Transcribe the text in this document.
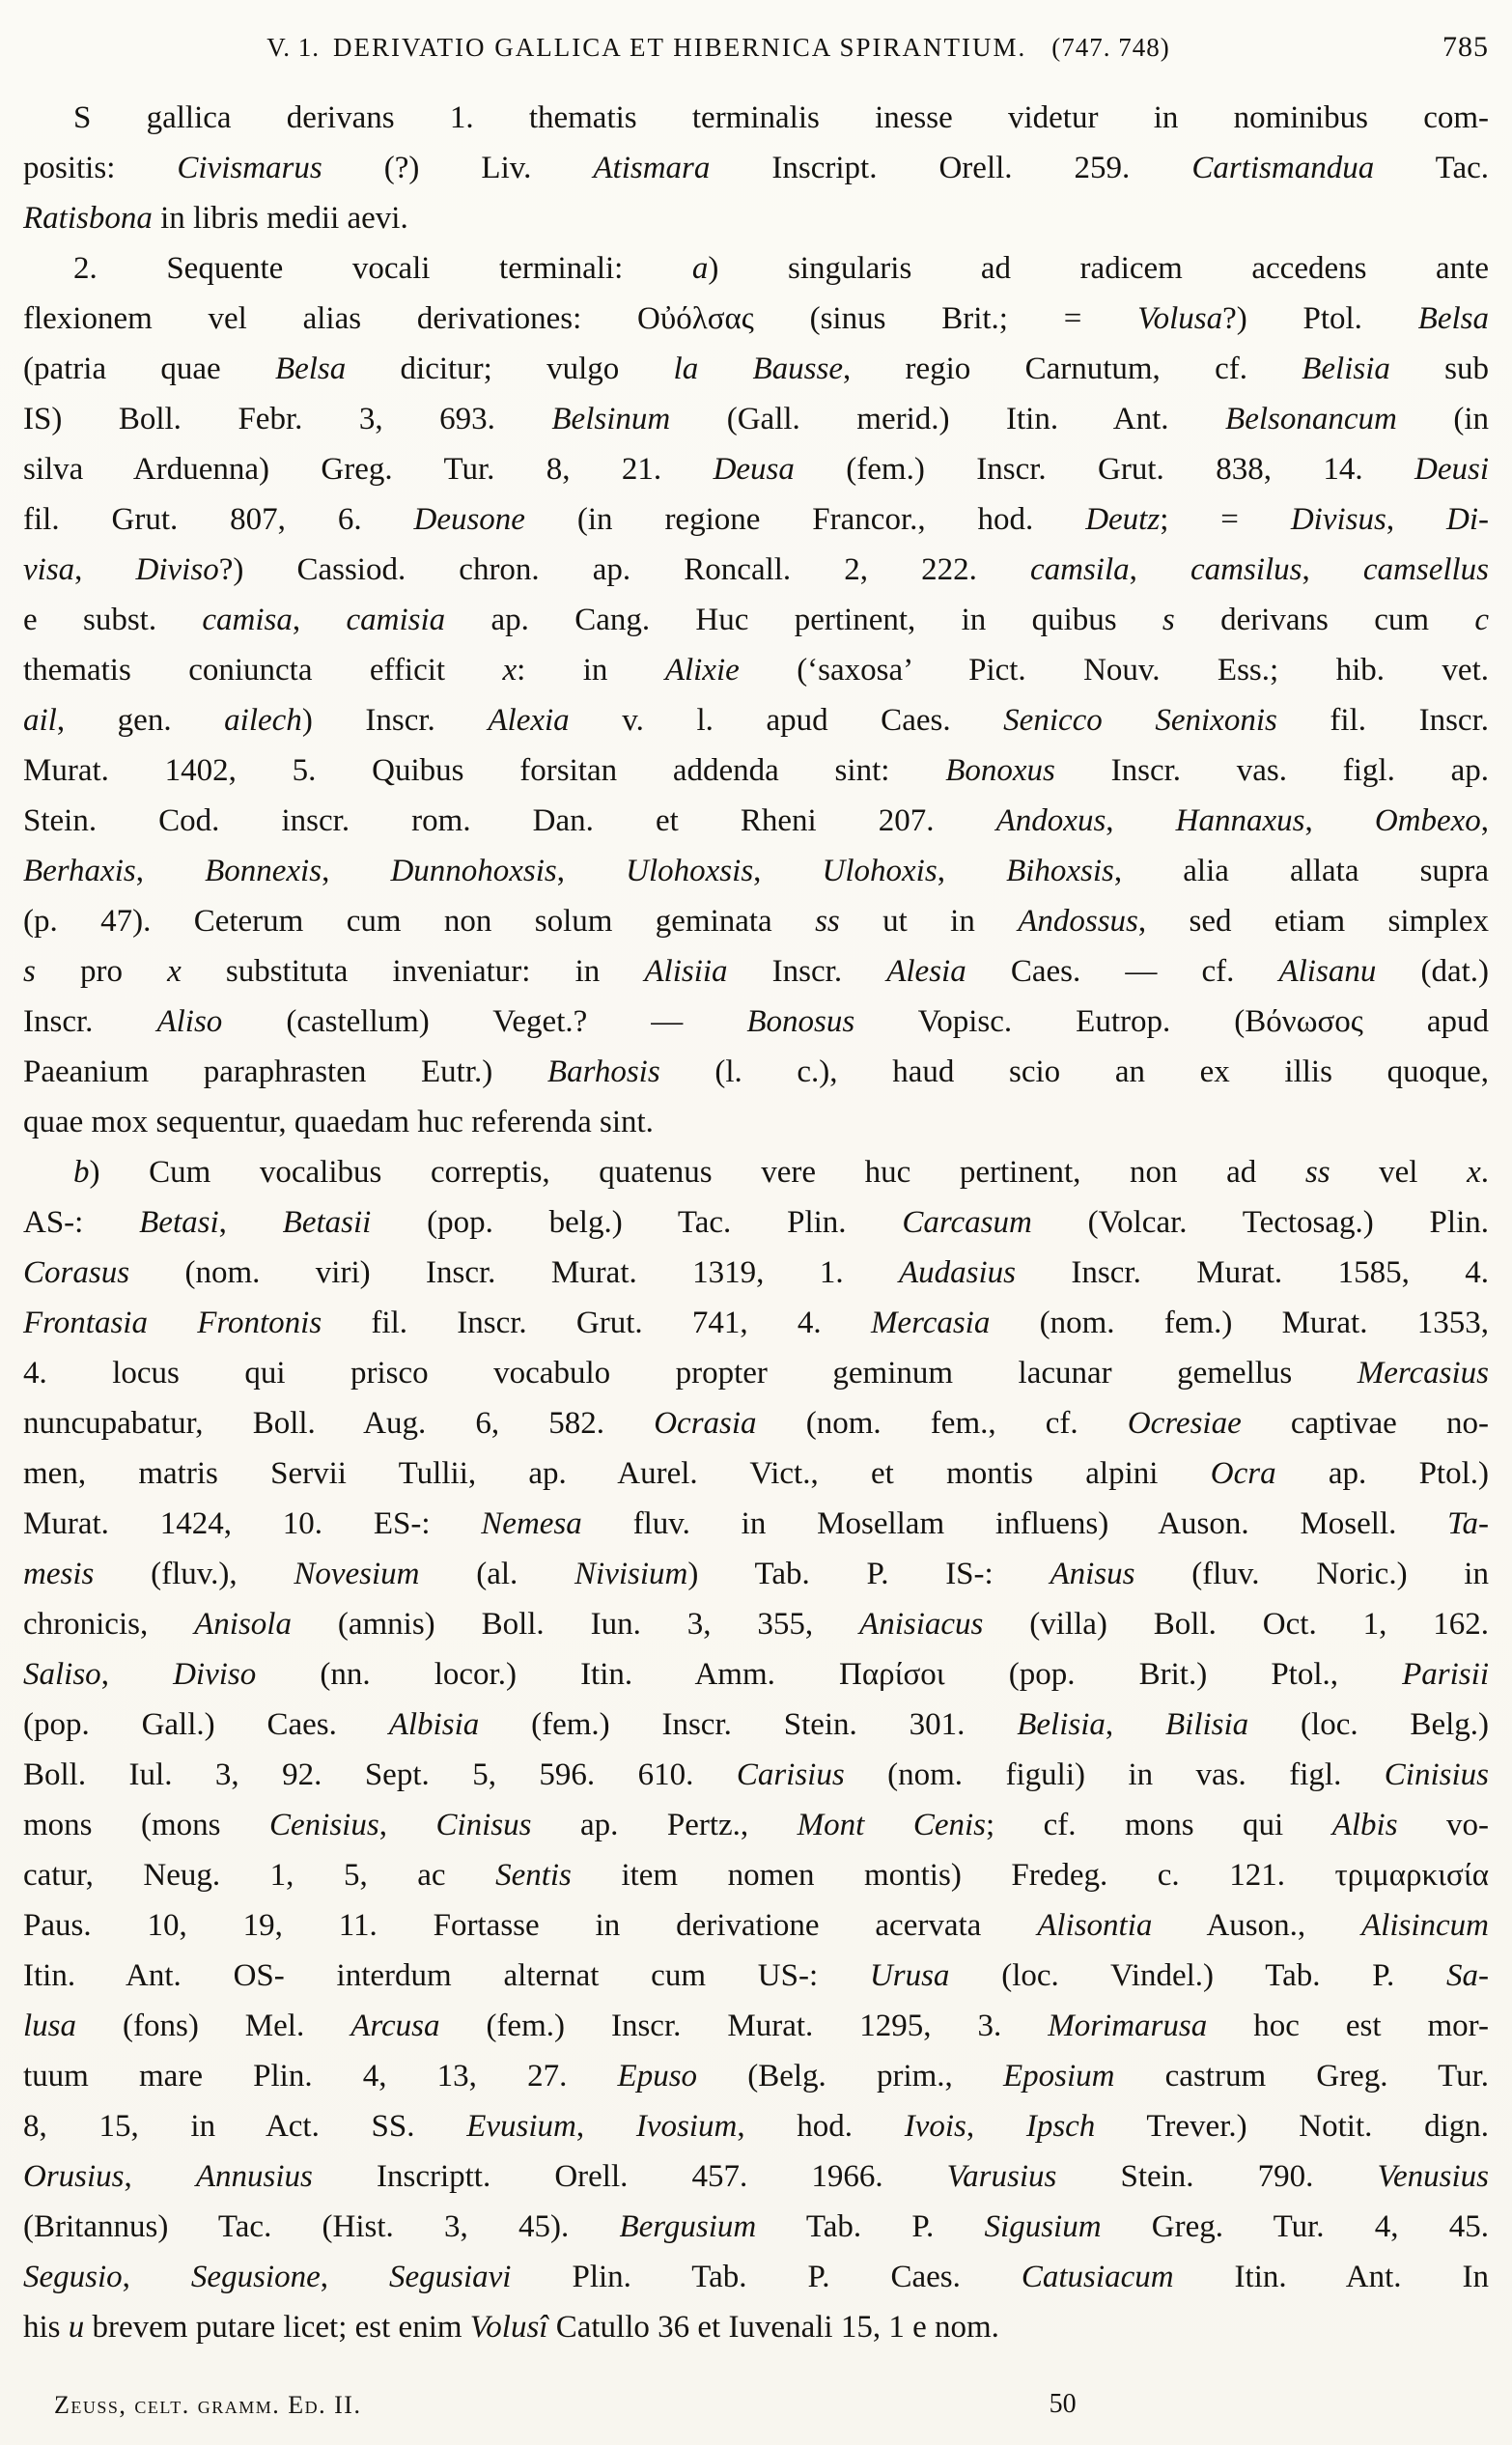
V. 1. DERIVATIO GALLICA ET HIBERNICA SPIRANTIUM. (747. 748)	785
S gallica derivans 1. thematis terminalis inesse videtur in nominibus com-
positis: Civismarus (?) Liv. Atismara Inscript. Orell. 259. Cartismandua Tac.
Ratisbona in libris medii aevi.
2. Sequente vocali terminali: a) singularis ad radicem accedens ante
flexionem vel alias derivationes: Οὐόλσας (sinus Brit.; = Volusa?) Ptol. Belsa
(patria quae Belsa dicitur; vulgo la Bausse, regio Carnutum, cf. Belisia sub
IS) Boll. Febr. 3, 693. Belsinum (Gall. merid.) Itin. Ant. Belsonancum (in
silva Arduenna) Greg. Tur. 8, 21. Deusa (fem.) Inscr. Grut. 838, 14. Deusi
fil. Grut. 807, 6. Deusone (in regione Francor., hod. Deutz; = Divisus, Di-
visa, Diviso?) Cassiod. chron. ap. Roncall. 2, 222. camsila, camsilus, camsellus
e subst. camisa, camisia ap. Cang. Huc pertinent, in quibus s derivans cum c
thematis coniuncta efficit x: in Alixie (‘saxosa’ Pict. Nouv. Ess.; hib. vet.
ail, gen. ailech) Inscr. Alexia v. l. apud Caes. Senicco Senixonis fil. Inscr.
Murat. 1402, 5. Quibus forsitan addenda sint: Bonoxus Inscr. vas. figl. ap.
Stein. Cod. inscr. rom. Dan. et Rheni 207. Andoxus, Hannaxus, Ombexo,
Berhaxis, Bonnexis, Dunnohoxsis, Ulohoxsis, Ulohoxis, Bihoxsis, alia allata supra
(p. 47). Ceterum cum non solum geminata ss ut in Andossus, sed etiam simplex
s pro x substituta inveniatur: in Alisiia Inscr. Alesia Caes. — cf. Alisanu (dat.)
Inscr. Aliso (castellum) Veget.? — Bonosus Vopisc. Eutrop. (Βόνωσος apud
Paeanium paraphrasten Eutr.) Barhosis (l. c.), haud scio an ex illis quoque,
quae mox sequentur, quaedam huc referenda sint.
b) Cum vocalibus correptis, quatenus vere huc pertinent, non ad ss vel x.
AS-: Betasi, Betasii (pop. belg.) Tac. Plin. Carcasum (Volcar. Tectosag.) Plin.
Corasus (nom. viri) Inscr. Murat. 1319, 1. Audasius Inscr. Murat. 1585, 4.
Frontasia Frontonis fil. Inscr. Grut. 741, 4. Mercasia (nom. fem.) Murat. 1353,
4. locus qui prisco vocabulo propter geminum lacunar gemellus Mercasius
nuncupabatur, Boll. Aug. 6, 582. Ocrasia (nom. fem., cf. Ocresiae captivae no-
men, matris Servii Tullii, ap. Aurel. Vict., et montis alpini Ocra ap. Ptol.)
Murat. 1424, 10. ES-: Nemesa fluv. in Mosellam influens) Auson. Mosell. Ta-
mesis (fluv.), Novesium (al. Nivisium) Tab. P. IS-: Anisus (fluv. Noric.) in
chronicis, Anisola (amnis) Boll. Iun. 3, 355, Anisiacus (villa) Boll. Oct. 1, 162.
Saliso, Diviso (nn. locor.) Itin. Amm. Παρίσοι (pop. Brit.) Ptol., Parisii
(pop. Gall.) Caes. Albisia (fem.) Inscr. Stein. 301. Belisia, Bilisia (loc. Belg.)
Boll. Iul. 3, 92. Sept. 5, 596. 610. Carisius (nom. figuli) in vas. figl. Cinisius
mons (mons Cenisius, Cinisus ap. Pertz., Mont Cenis; cf. mons qui Albis vo-
catur, Neug. 1, 5, ac Sentis item nomen montis) Fredeg. c. 121. τριμαρκισία
Paus. 10, 19, 11. Fortasse in derivatione acervata Alisontia Auson., Alisincum
Itin. Ant. OS- interdum alternat cum US-: Urusa (loc. Vindel.) Tab. P. Sa-
lusa (fons) Mel. Arcusa (fem.) Inscr. Murat. 1295, 3. Morimarusa hoc est mor-
tuum mare Plin. 4, 13, 27. Epuso (Belg. prim., Eposium castrum Greg. Tur.
8, 15, in Act. SS. Evusium, Ivosium, hod. Ivois, Ipsch Trever.) Notit. dign.
Orusius, Annusius Inscriptt. Orell. 457. 1966. Varusius Stein. 790. Venusius
(Britannus) Tac. (Hist. 3, 45). Bergusium Tab. P. Sigusium Greg. Tur. 4, 45.
Segusio, Segusione, Segusiavi Plin. Tab. P. Caes. Catusiacum Itin. Ant. In
his u brevem putare licet; est enim Volusî Catullo 36 et Iuvenali 15, 1 e nom.
Zeuss, celt. gramm. Ed. II.	50
